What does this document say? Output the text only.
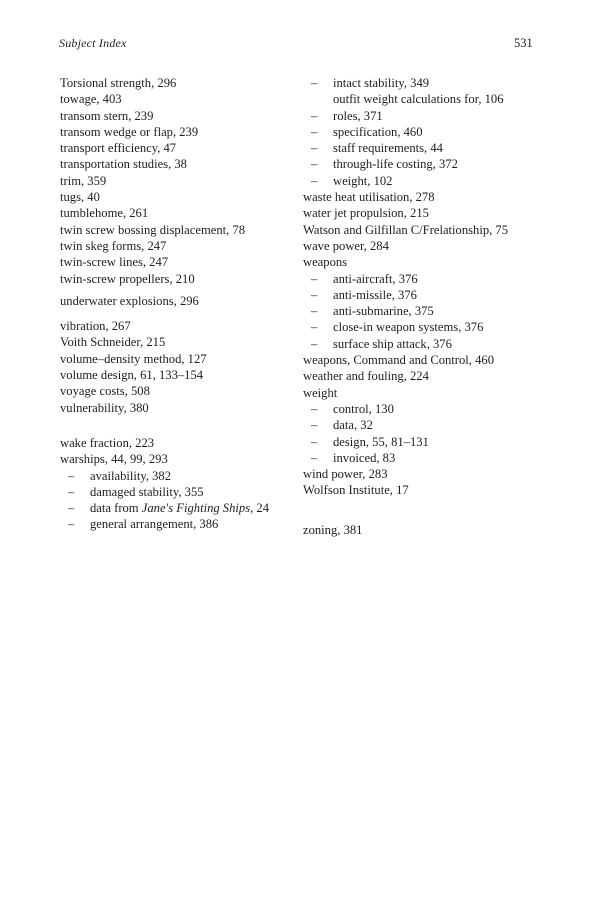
Subject Index	531
Torsional strength, 296
towage, 403
transom stern, 239
transom wedge or flap, 239
transport efficiency, 47
transportation studies, 38
trim, 359
tugs, 40
tumblehome, 261
twin screw bossing displacement, 78
twin skeg forms, 247
twin-screw lines, 247
twin-screw propellers, 210
underwater explosions, 296
vibration, 267
Voith Schneider, 215
volume–density method, 127
volume design, 61, 133–154
voyage costs, 508
vulnerability, 380
wake fraction, 223
warships, 44, 99, 293
– availability, 382
– damaged stability, 355
– data from Jane's Fighting Ships, 24
– general arrangement, 386
– intact stability, 349
outfit weight calculations for, 106
– roles, 371
– specification, 460
– staff requirements, 44
– through-life costing, 372
– weight, 102
waste heat utilisation, 278
water jet propulsion, 215
Watson and Gilfillan C/Frelationship, 75
wave power, 284
weapons
– anti-aircraft, 376
– anti-missile, 376
– anti-submarine, 375
– close-in weapon systems, 376
– surface ship attack, 376
weapons, Command and Control, 460
weather and fouling, 224
weight
– control, 130
– data, 32
– design, 55, 81–131
– invoiced, 83
wind power, 283
Wolfson Institute, 17
zoning, 381
